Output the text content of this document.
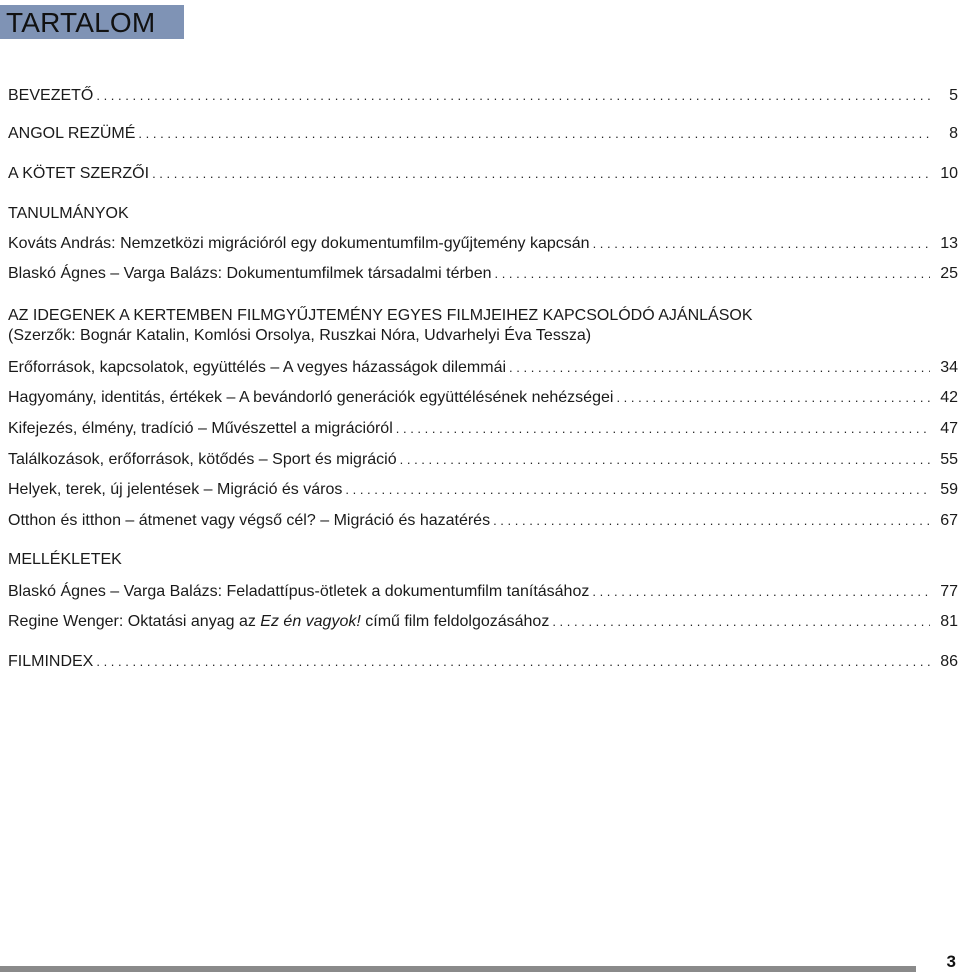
TARTALOM
BEVEZETŐ . . .	5
ANGOL REZÜMÉ . . .	8
A KÖTET SZERZŐI . . .	10
TANULMÁNYOK
Kováts András: Nemzetközi migrációról egy dokumentumfilm-gyűjtemény kapcsán . . .	13
Blaskó Ágnes – Varga Balázs: Dokumentumfilmek társadalmi térben . . .	25
AZ IDEGENEK A KERTEMBEN FILMGYŰJTEMÉNY EGYES FILMJEIHEZ KAPCSOLÓDÓ AJÁNLÁSOK
(Szerzők: Bognár Katalin, Komlósi Orsolya, Ruszkai Nóra, Udvarhelyi Éva Tessza)
Erőforrások, kapcsolatok, együttélés – A vegyes házasságok dilemmái . . .	34
Hagyomány, identitás, értékek – A bevándorló generációk együttélésének nehézségei . . .	42
Kifejezés, élmény, tradíció – Művészettel a migrációról . . .	47
Találkozások, erőforrások, kötődés – Sport és migráció . . .	55
Helyek, terek, új jelentések – Migráció és város . . .	59
Otthon és itthon – átmenet vagy végső cél? – Migráció és hazatérés . . .	67
MELLÉKLETEK
Blaskó Ágnes – Varga Balázs: Feladattípus-ötletek a dokumentumfilm tanításához . . .	77
Regine Wenger: Oktatási anyag az Ez én vagyok! című film feldolgozásához . . .	81
FILMINDEX . . .	86
3
